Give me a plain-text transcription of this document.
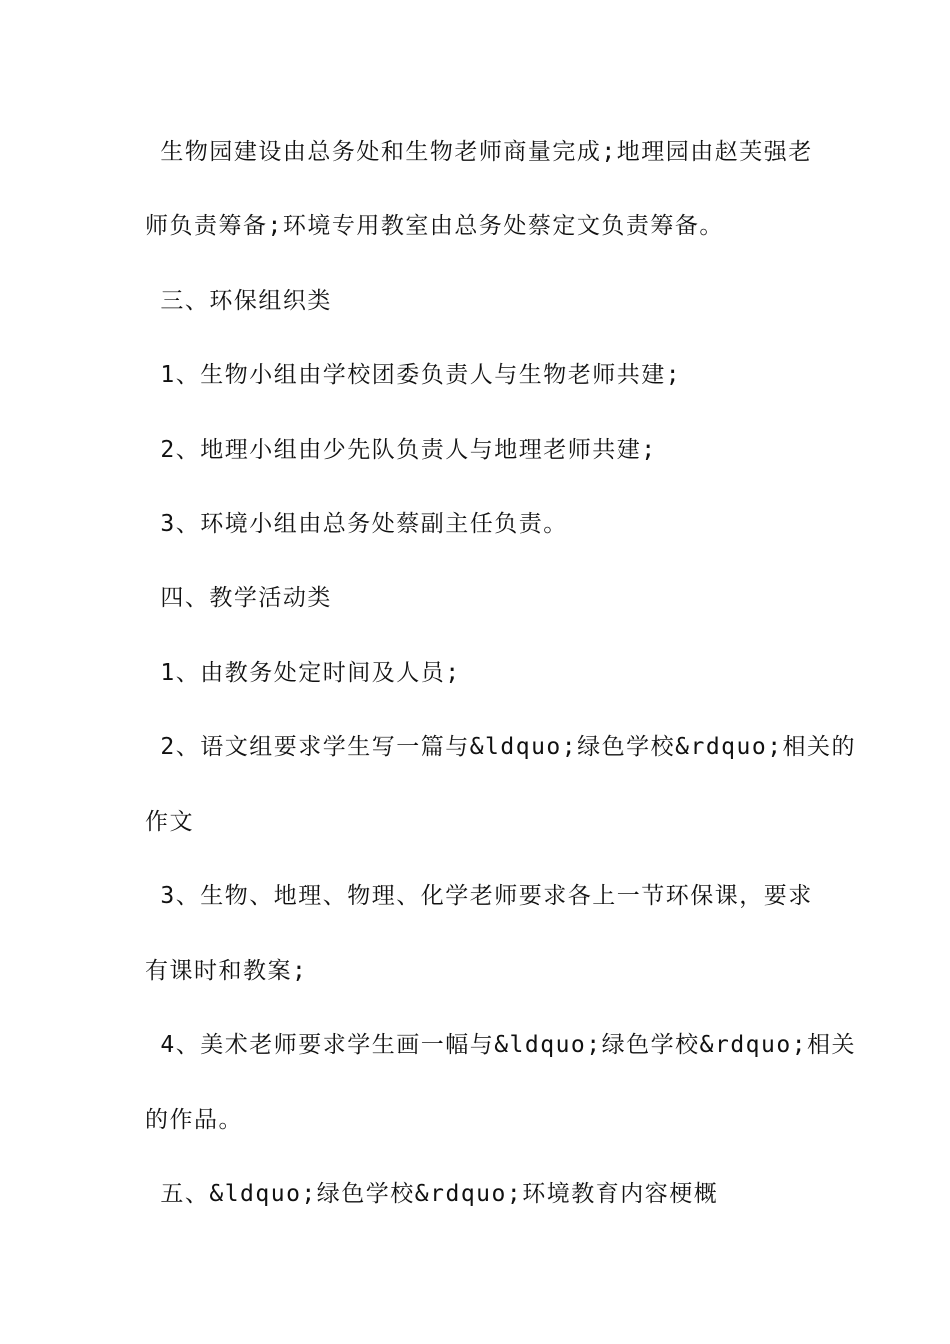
生物园建设由总务处和生物老师商量完成;地理园由赵芙强老
师负责筹备;环境专用教室由总务处蔡定文负责筹备。
三、环保组织类
1、生物小组由学校团委负责人与生物老师共建;
2、地理小组由少先队负责人与地理老师共建;
3、环境小组由总务处蔡副主任负责。
四、教学活动类
1、由教务处定时间及人员;
2、语文组要求学生写一篇与&ldquo;绿色学校&rdquo;相关的
作文
3、生物、地理、物理、化学老师要求各上一节环保课，要求
有课时和教案;
4、美术老师要求学生画一幅与&ldquo;绿色学校&rdquo;相关
的作品。
五、&ldquo;绿色学校&rdquo;环境教育内容梗概
